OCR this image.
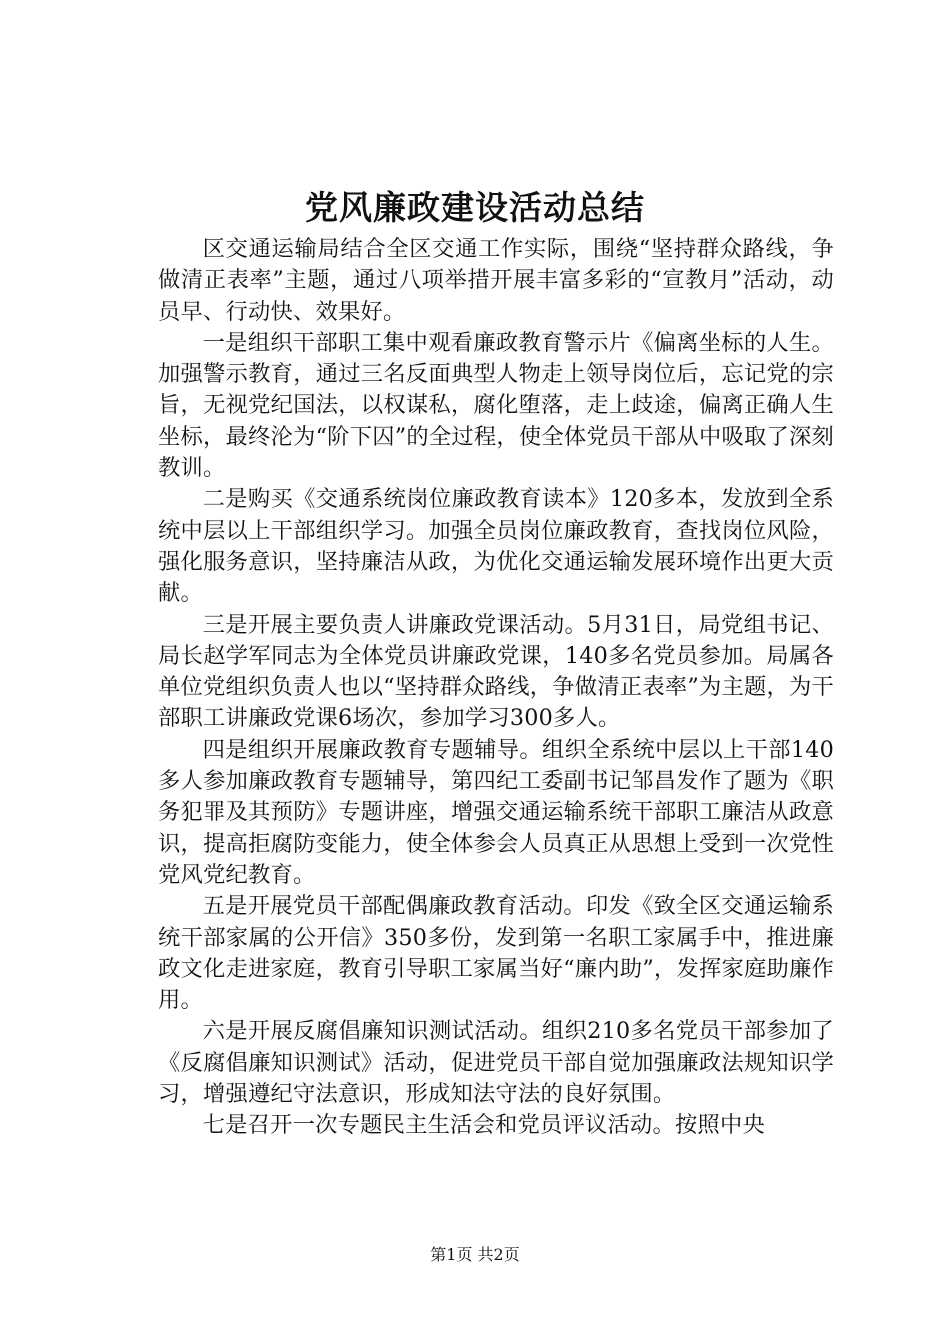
党风廉政建设活动总结

区交通运输局结合全区交通工作实际，围绕“坚持群众路线，争做清正表率”主题，通过八项举措开展丰富多彩的“宣教月”活动，动员早、行动快、效果好。

一是组织干部职工集中观看廉政教育警示片《偏离坐标的人生。加强警示教育，通过三名反面典型人物走上领导岗位后，忘记党的宗旨，无视党纪国法，以权谋私，腐化堕落，走上歧途，偏离正确人生坐标，最终沦为“阶下囚”的全过程，使全体党员干部从中吸取了深刻教训。

二是购买《交通系统岗位廉政教育读本》120多本，发放到全系统中层以上干部组织学习。加强全员岗位廉政教育，查找岗位风险，强化服务意识，坚持廉洁从政，为优化交通运输发展环境作出更大贡献。

三是开展主要负责人讲廉政党课活动。5月31日，局党组书记、局长赵学军同志为全体党员讲廉政党课，140多名党员参加。局属各单位党组织负责人也以“坚持群众路线，争做清正表率”为主题，为干部职工讲廉政党课6场次，参加学习300多人。

四是组织开展廉政教育专题辅导。组织全系统中层以上干部140多人参加廉政教育专题辅导，第四纪工委副书记邹昌发作了题为《职务犯罪及其预防》专题讲座，增强交通运输系统干部职工廉洁从政意识，提高拒腐防变能力，使全体参会人员真正从思想上受到一次党性党风党纪教育。

五是开展党员干部配偶廉政教育活动。印发《致全区交通运输系统干部家属的公开信》350多份，发到第一名职工家属手中，推进廉政文化走进家庭，教育引导职工家属当好“廉内助”，发挥家庭助廉作用。

六是开展反腐倡廉知识测试活动。组织210多名党员干部参加了《反腐倡廉知识测试》活动，促进党员干部自觉加强廉政法规知识学习，增强遵纪守法意识，形成知法守法的良好氛围。

七是召开一次专题民主生活会和党员评议活动。按照中央

第1页 共2页
